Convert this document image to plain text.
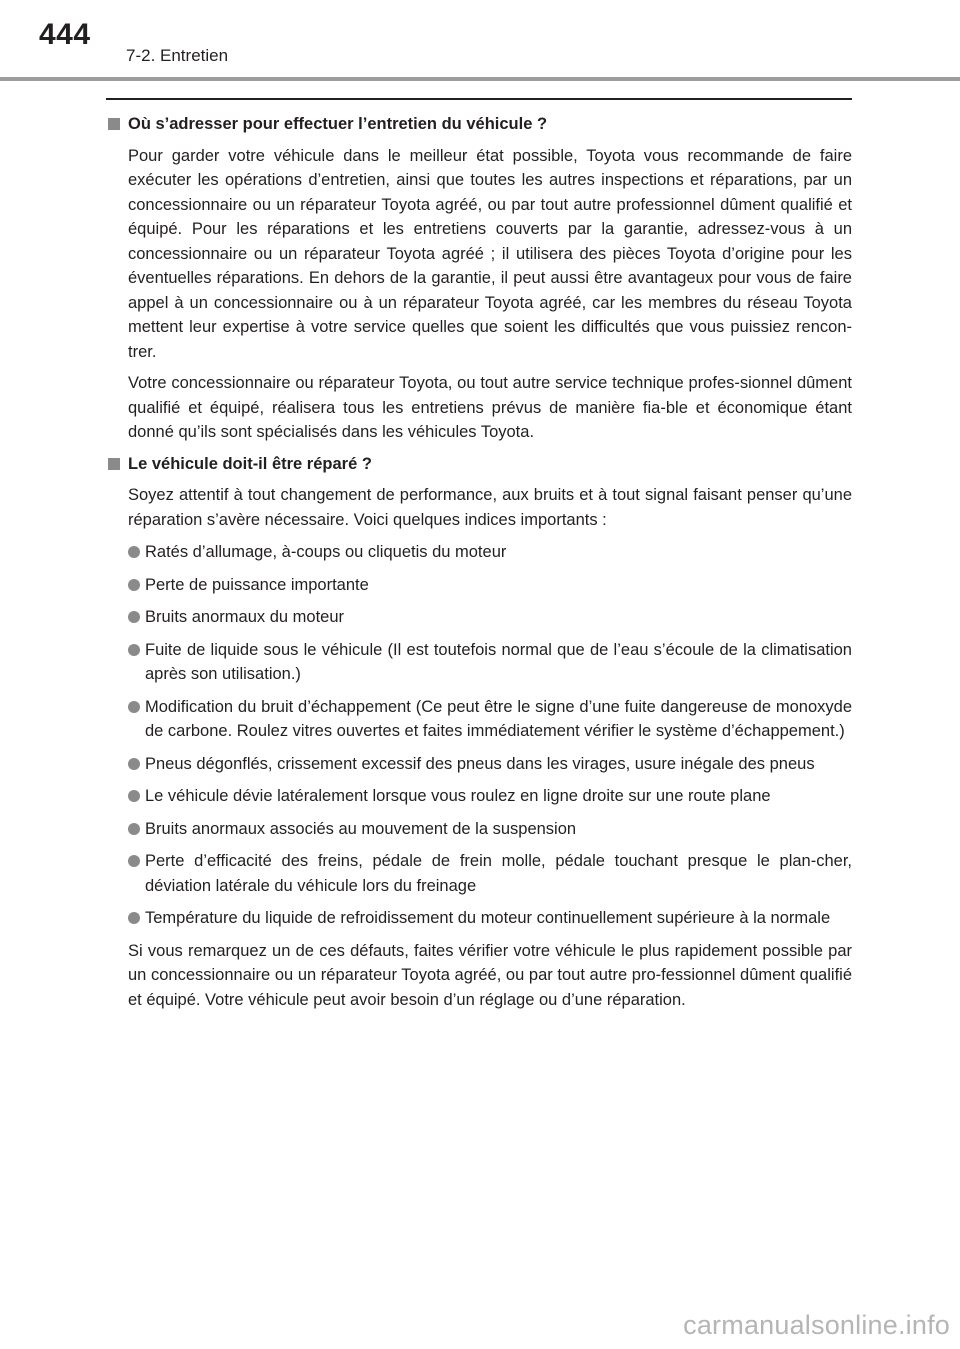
444
7-2. Entretien

Où s’adresser pour effectuer l’entretien du véhicule ?

Pour garder votre véhicule dans le meilleur état possible, Toyota vous recommande de faire exécuter les opérations d’entretien, ainsi que toutes les autres inspections et réparations, par un concessionnaire ou un réparateur Toyota agréé, ou par tout autre professionnel dûment qualifié et équipé. Pour les réparations et les entretiens couverts par la garantie, adressez-vous à un concessionnaire ou un réparateur Toyota agréé ; il utilisera des pièces Toyota d’origine pour les éventuelles réparations. En dehors de la garantie, il peut aussi être avantageux pour vous de faire appel à un concessionnaire ou à un réparateur Toyota agréé, car les membres du réseau Toyota mettent leur expertise à votre service quelles que soient les difficultés que vous puissiez rencon-trer.

Votre concessionnaire ou réparateur Toyota, ou tout autre service technique profes-sionnel dûment qualifié et équipé, réalisera tous les entretiens prévus de manière fia-ble et économique étant donné qu’ils sont spécialisés dans les véhicules Toyota.

Le véhicule doit-il être réparé ?

Soyez attentif à tout changement de performance, aux bruits et à tout signal faisant penser qu’une réparation s’avère nécessaire. Voici quelques indices importants :

Ratés d’allumage, à-coups ou cliquetis du moteur

Perte de puissance importante

Bruits anormaux du moteur

Fuite de liquide sous le véhicule (Il est toutefois normal que de l’eau s’écoule de la climatisation après son utilisation.)

Modification du bruit d’échappement (Ce peut être le signe d’une fuite dangereuse de monoxyde de carbone. Roulez vitres ouvertes et faites immédiatement vérifier le système d’échappement.)

Pneus dégonflés, crissement excessif des pneus dans les virages, usure inégale des pneus

Le véhicule dévie latéralement lorsque vous roulez en ligne droite sur une route plane

Bruits anormaux associés au mouvement de la suspension

Perte d’efficacité des freins, pédale de frein molle, pédale touchant presque le plan-cher, déviation latérale du véhicule lors du freinage

Température du liquide de refroidissement du moteur continuellement supérieure à la normale

Si vous remarquez un de ces défauts, faites vérifier votre véhicule le plus rapidement possible par un concessionnaire ou un réparateur Toyota agréé, ou par tout autre pro-fessionnel dûment qualifié et équipé. Votre véhicule peut avoir besoin d’un réglage ou d’une réparation.

carmanualsonline.info
